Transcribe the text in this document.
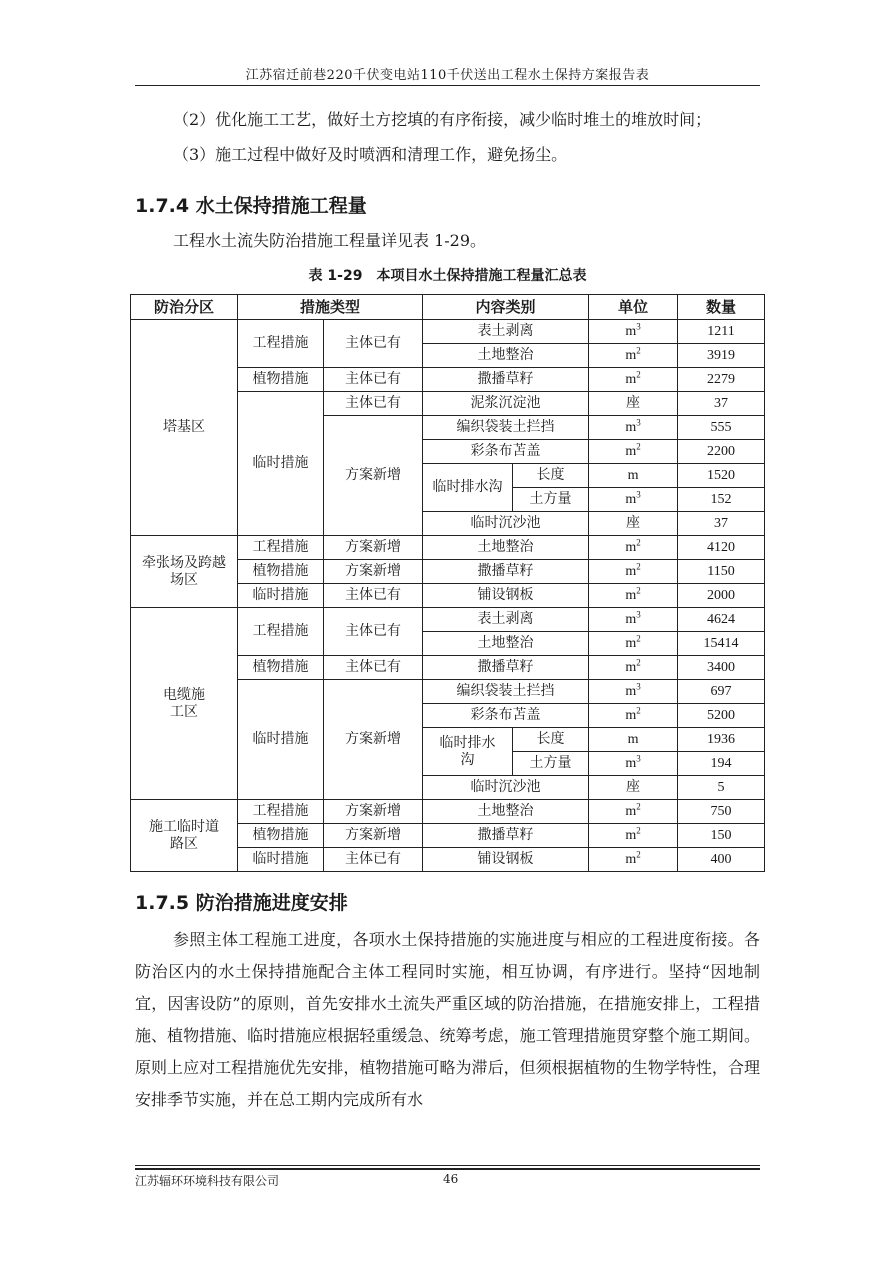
江苏宿迁前巷220千伏变电站110千伏送出工程水土保持方案报告表
（2）优化施工工艺，做好土方挖填的有序衔接，减少临时堆土的堆放时间；
（3）施工过程中做好及时喷洒和清理工作，避免扬尘。
1.7.4 水土保持措施工程量
工程水土流失防治措施工程量详见表 1-29。
表 1-29　本项目水土保持措施工程量汇总表
防治分区	措施类型		内容类别		单位	数量
塔基区	工程措施	主体已有	表土剥离		$m^3$	1211
			土地整治		$m^2$	3919
	植物措施	主体已有	撒播草籽		$m^2$	2279
	临时措施	主体已有	泥浆沉淀池		座	37
		方案新增	编织袋装土拦挡		$m^3$	555
			彩条布苫盖		$m^2$	2200
			临时排水沟	长度	m	1520
				土方量	$m^3$	152
			临时沉沙池		座	37
牵张场及跨越场区	工程措施	方案新增	土地整治		$m^2$	4120
	植物措施	方案新增	撒播草籽		$m^2$	1150
	临时措施	主体已有	铺设钢板		$m^2$	2000
电缆施工区	工程措施	主体已有	表土剥离		$m^3$	4624
			土地整治		$m^2$	15414
	植物措施	主体已有	撒播草籽		$m^2$	3400
	临时措施	方案新增	编织袋装土拦挡		$m^3$	697
			彩条布苫盖		$m^2$	5200
			临时排水沟	长度	m	1936
				土方量	$m^3$	194
			临时沉沙池		座	5
施工临时道路区	工程措施	方案新增	土地整治		$m^2$	750
	植物措施	方案新增	撒播草籽		$m^2$	150
	临时措施	主体已有	铺设钢板		$m^2$	400
1.7.5 防治措施进度安排
参照主体工程施工进度，各项水土保持措施的实施进度与相应的工程进度衔接。各防治区内的水土保持措施配合主体工程同时实施，相互协调，有序进行。坚持“因地制宜，因害设防”的原则，首先安排水土流失严重区域的防治措施，在措施安排上，工程措施、植物措施、临时措施应根据轻重缓急、统筹考虑，施工管理措施贯穿整个施工期间。原则上应对工程措施优先安排，植物措施可略为滞后，但须根据植物的生物学特性，合理安排季节实施，并在总工期内完成所有水
江苏辐环环境科技有限公司	46
